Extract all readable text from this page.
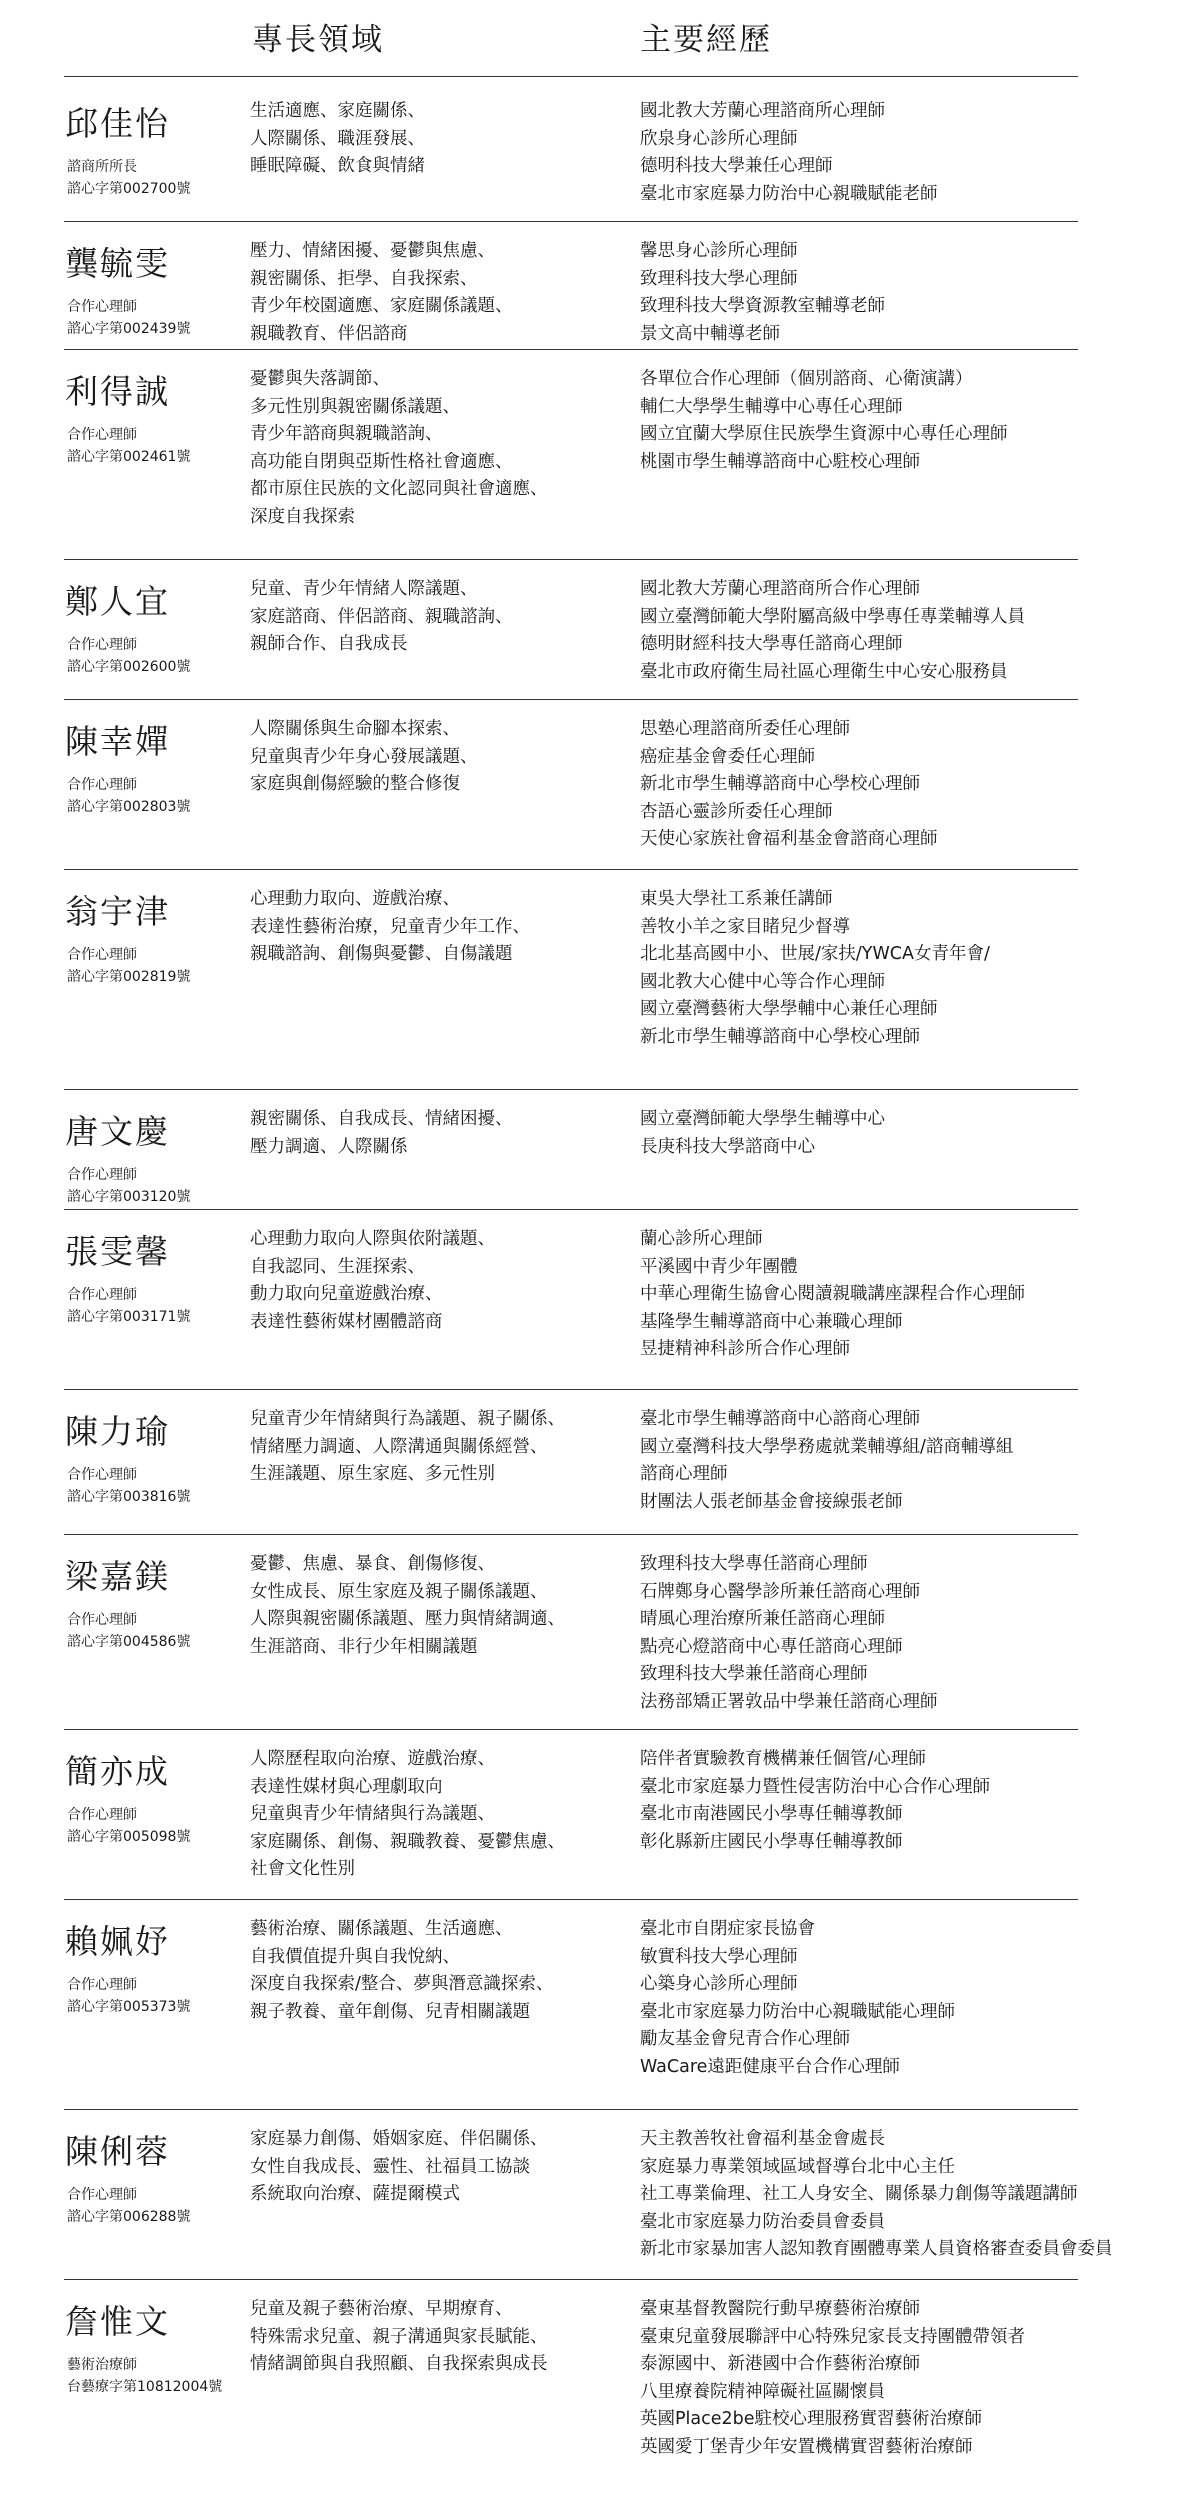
專長領域	主要經歷
邱佳怡
諮商所所長
諮心字第002700號
生活適應、家庭關係、
人際關係、職涯發展、
睡眠障礙、飲食與情緒
國北教大芳蘭心理諮商所心理師
欣泉身心診所心理師
德明科技大學兼任心理師
臺北市家庭暴力防治中心親職賦能老師
龔毓雯
合作心理師
諮心字第002439號
壓力、情緒困擾、憂鬱與焦慮、
親密關係、拒學、自我探索、
青少年校園適應、家庭關係議題、
親職教育、伴侶諮商
馨思身心診所心理師
致理科技大學心理師
致理科技大學資源教室輔導老師
景文高中輔導老師
利得誠
合作心理師
諮心字第002461號
憂鬱與失落調節、
多元性別與親密關係議題、
青少年諮商與親職諮詢、
高功能自閉與亞斯性格社會適應、
都市原住民族的文化認同與社會適應、
深度自我探索
各單位合作心理師（個別諮商、心衛演講）
輔仁大學學生輔導中心專任心理師
國立宜蘭大學原住民族學生資源中心專任心理師
桃園市學生輔導諮商中心駐校心理師
鄭人宜
合作心理師
諮心字第002600號
兒童、青少年情緒人際議題、
家庭諮商、伴侶諮商、親職諮詢、
親師合作、自我成長
國北教大芳蘭心理諮商所合作心理師
國立臺灣師範大學附屬高級中學專任專業輔導人員
德明財經科技大學專任諮商心理師
臺北市政府衛生局社區心理衛生中心安心服務員
陳幸嬋
合作心理師
諮心字第002803號
人際關係與生命腳本探索、
兒童與青少年身心發展議題、
家庭與創傷經驗的整合修復
思塾心理諮商所委任心理師
癌症基金會委任心理師
新北市學生輔導諮商中心學校心理師
杏語心靈診所委任心理師
天使心家族社會福利基金會諮商心理師
翁宇津
合作心理師
諮心字第002819號
心理動力取向、遊戲治療、
表達性藝術治療，兒童青少年工作、
親職諮詢、創傷與憂鬱、自傷議題
東吳大學社工系兼任講師
善牧小羊之家目睹兒少督導
北北基高國中小、世展/家扶/YWCA女青年會/
國北教大心健中心等合作心理師
國立臺灣藝術大學學輔中心兼任心理師
新北市學生輔導諮商中心學校心理師
唐文慶
合作心理師
諮心字第003120號
親密關係、自我成長、情緒困擾、
壓力調適、人際關係
國立臺灣師範大學學生輔導中心
長庚科技大學諮商中心
張雯馨
合作心理師
諮心字第003171號
心理動力取向人際與依附議題、
自我認同、生涯探索、
動力取向兒童遊戲治療、
表達性藝術媒材團體諮商
蘭心診所心理師
平溪國中青少年團體
中華心理衛生協會心閱讀親職講座課程合作心理師
基隆學生輔導諮商中心兼職心理師
昱捷精神科診所合作心理師
陳力瑜
合作心理師
諮心字第003816號
兒童青少年情緒與行為議題、親子關係、
情緒壓力調適、人際溝通與關係經營、
生涯議題、原生家庭、多元性別
臺北市學生輔導諮商中心諮商心理師
國立臺灣科技大學學務處就業輔導組/諮商輔導組
諮商心理師
財團法人張老師基金會接線張老師
梁嘉鎂
合作心理師
諮心字第004586號
憂鬱、焦慮、暴食、創傷修復、
女性成長、原生家庭及親子關係議題、
人際與親密關係議題、壓力與情緒調適、
生涯諮商、非行少年相關議題
致理科技大學專任諮商心理師
石牌鄭身心醫學診所兼任諮商心理師
晴風心理治療所兼任諮商心理師
點亮心燈諮商中心專任諮商心理師
致理科技大學兼任諮商心理師
法務部矯正署敦品中學兼任諮商心理師
簡亦成
合作心理師
諮心字第005098號
人際歷程取向治療、遊戲治療、
表達性媒材與心理劇取向
兒童與青少年情緒與行為議題、
家庭關係、創傷、親職教養、憂鬱焦慮、
社會文化性別
陪伴者實驗教育機構兼任個管/心理師
臺北市家庭暴力暨性侵害防治中心合作心理師
臺北市南港國民小學專任輔導教師
彰化縣新庄國民小學專任輔導教師
賴姵妤
合作心理師
諮心字第005373號
藝術治療、關係議題、生活適應、
自我價值提升與自我悅納、
深度自我探索/整合、夢與潛意識探索、
親子教養、童年創傷、兒青相關議題
臺北市自閉症家長協會
敏實科技大學心理師
心築身心診所心理師
臺北市家庭暴力防治中心親職賦能心理師
勵友基金會兒青合作心理師
WaCare遠距健康平台合作心理師
陳俐蓉
合作心理師
諮心字第006288號
家庭暴力創傷、婚姻家庭、伴侶關係、
女性自我成長、靈性、社福員工協談
系統取向治療、薩提爾模式
天主教善牧社會福利基金會處長
家庭暴力專業領域區域督導台北中心主任
社工專業倫理、社工人身安全、關係暴力創傷等議題講師
臺北市家庭暴力防治委員會委員
新北市家暴加害人認知教育團體專業人員資格審查委員會委員
詹惟文
藝術治療師
台藝療字第10812004號
兒童及親子藝術治療、早期療育、
特殊需求兒童、親子溝通與家長賦能、
情緒調節與自我照顧、自我探索與成長
臺東基督教醫院行動早療藝術治療師
臺東兒童發展聯評中心特殊兒家長支持團體帶領者
泰源國中、新港國中合作藝術治療師
八里療養院精神障礙社區關懷員
英國Place2be駐校心理服務實習藝術治療師
英國愛丁堡青少年安置機構實習藝術治療師
